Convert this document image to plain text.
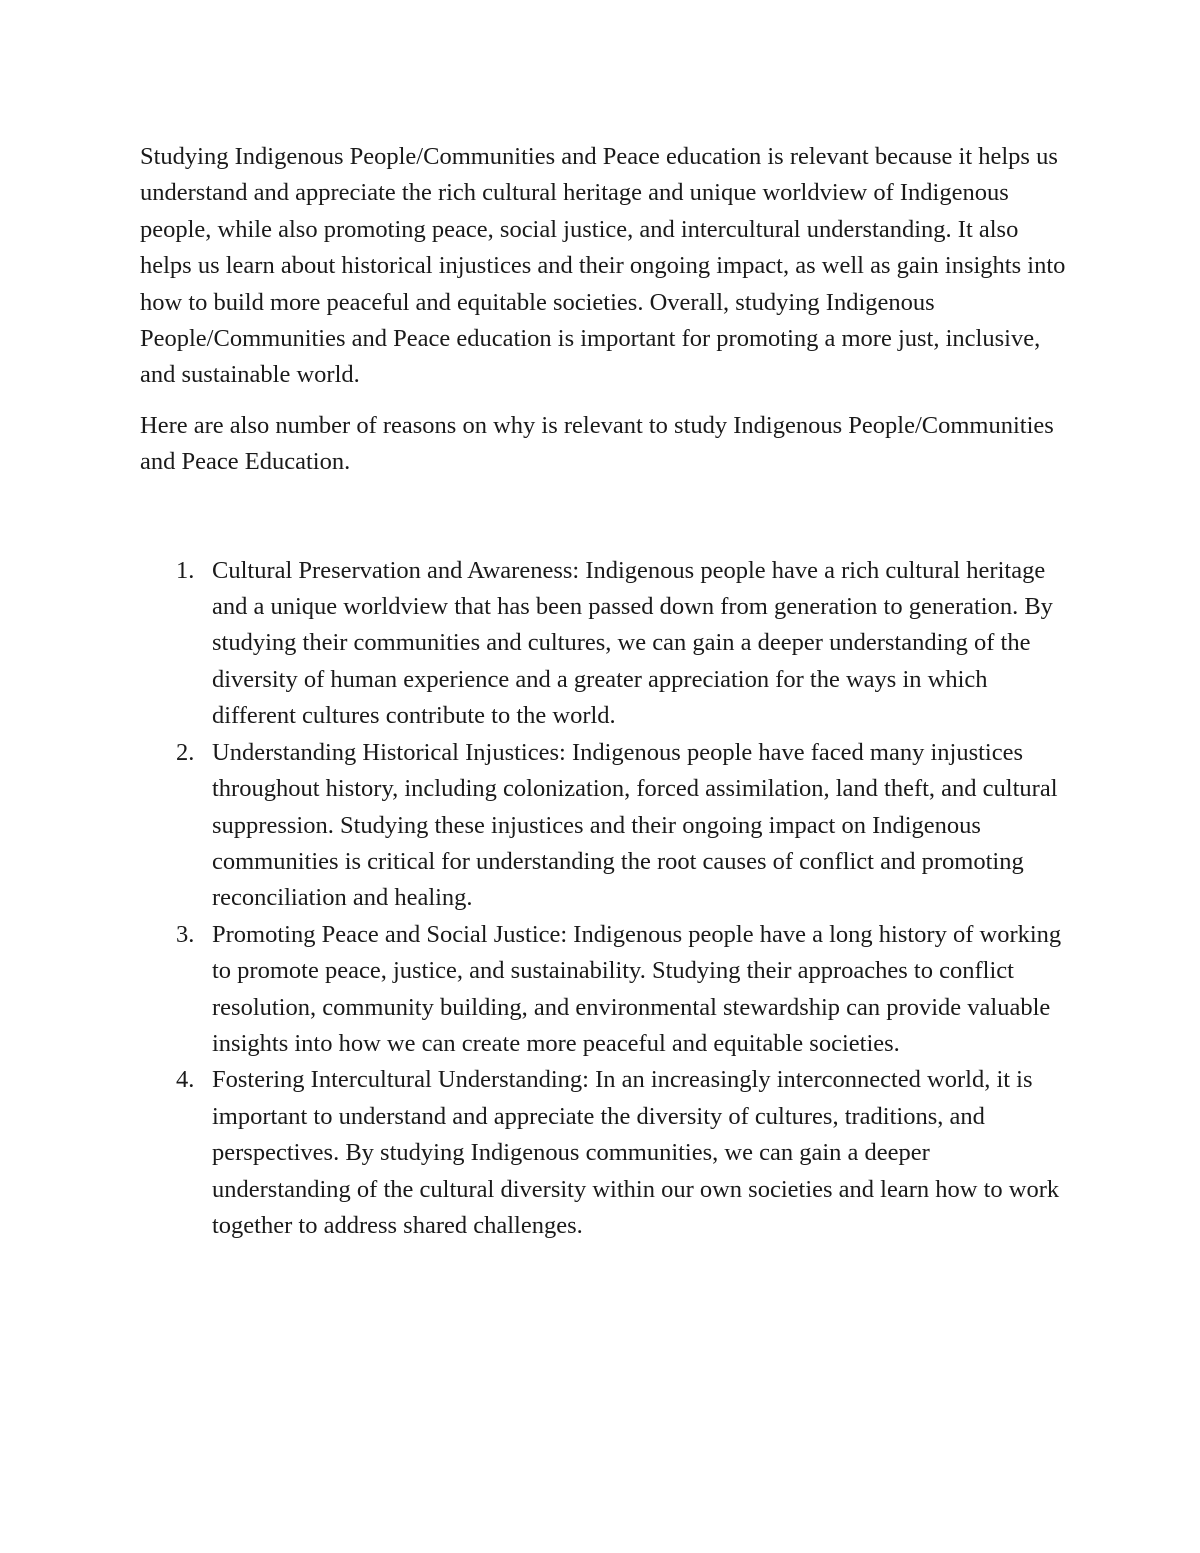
Studying Indigenous People/Communities and Peace education is relevant because it helps us understand and appreciate the rich cultural heritage and unique worldview of Indigenous people, while also promoting peace, social justice, and intercultural understanding. It also helps us learn about historical injustices and their ongoing impact, as well as gain insights into how to build more peaceful and equitable societies. Overall, studying Indigenous People/Communities and Peace education is important for promoting a more just, inclusive, and sustainable world.

Here are also number of reasons on why is relevant to study Indigenous People/Communities and Peace Education.

1. Cultural Preservation and Awareness: Indigenous people have a rich cultural heritage and a unique worldview that has been passed down from generation to generation. By studying their communities and cultures, we can gain a deeper understanding of the diversity of human experience and a greater appreciation for the ways in which different cultures contribute to the world.
2. Understanding Historical Injustices: Indigenous people have faced many injustices throughout history, including colonization, forced assimilation, land theft, and cultural suppression. Studying these injustices and their ongoing impact on Indigenous communities is critical for understanding the root causes of conflict and promoting reconciliation and healing.
3. Promoting Peace and Social Justice: Indigenous people have a long history of working to promote peace, justice, and sustainability. Studying their approaches to conflict resolution, community building, and environmental stewardship can provide valuable insights into how we can create more peaceful and equitable societies.
4. Fostering Intercultural Understanding: In an increasingly interconnected world, it is important to understand and appreciate the diversity of cultures, traditions, and perspectives. By studying Indigenous communities, we can gain a deeper understanding of the cultural diversity within our own societies and learn how to work together to address shared challenges.
